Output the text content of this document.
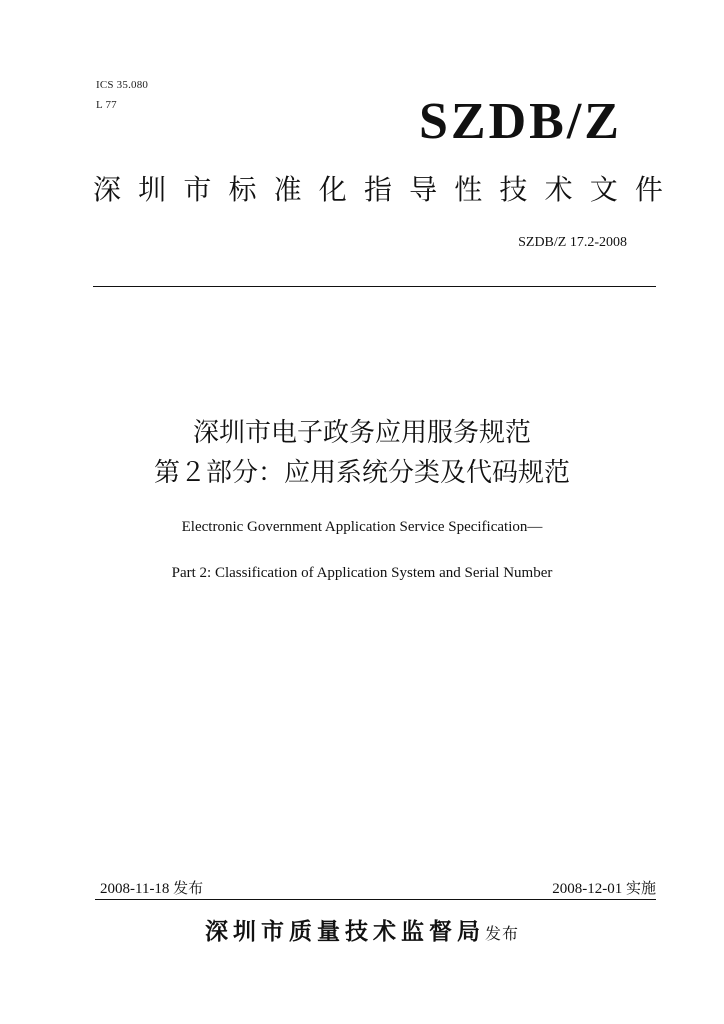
ICS 35.080
L 77	SZDB/Z
深 圳 市 标 准 化 指 导 性 技 术 文 件
SZDB/Z 17.2-2008
深圳市电子政务应用服务规范
第２部分：应用系统分类及代码规范
Electronic Government Application Service Specification—
Part 2: Classification of Application System and Serial Number
2008-11-18 发布	2008-12-01 实施
深圳市质量技术监督局发布
